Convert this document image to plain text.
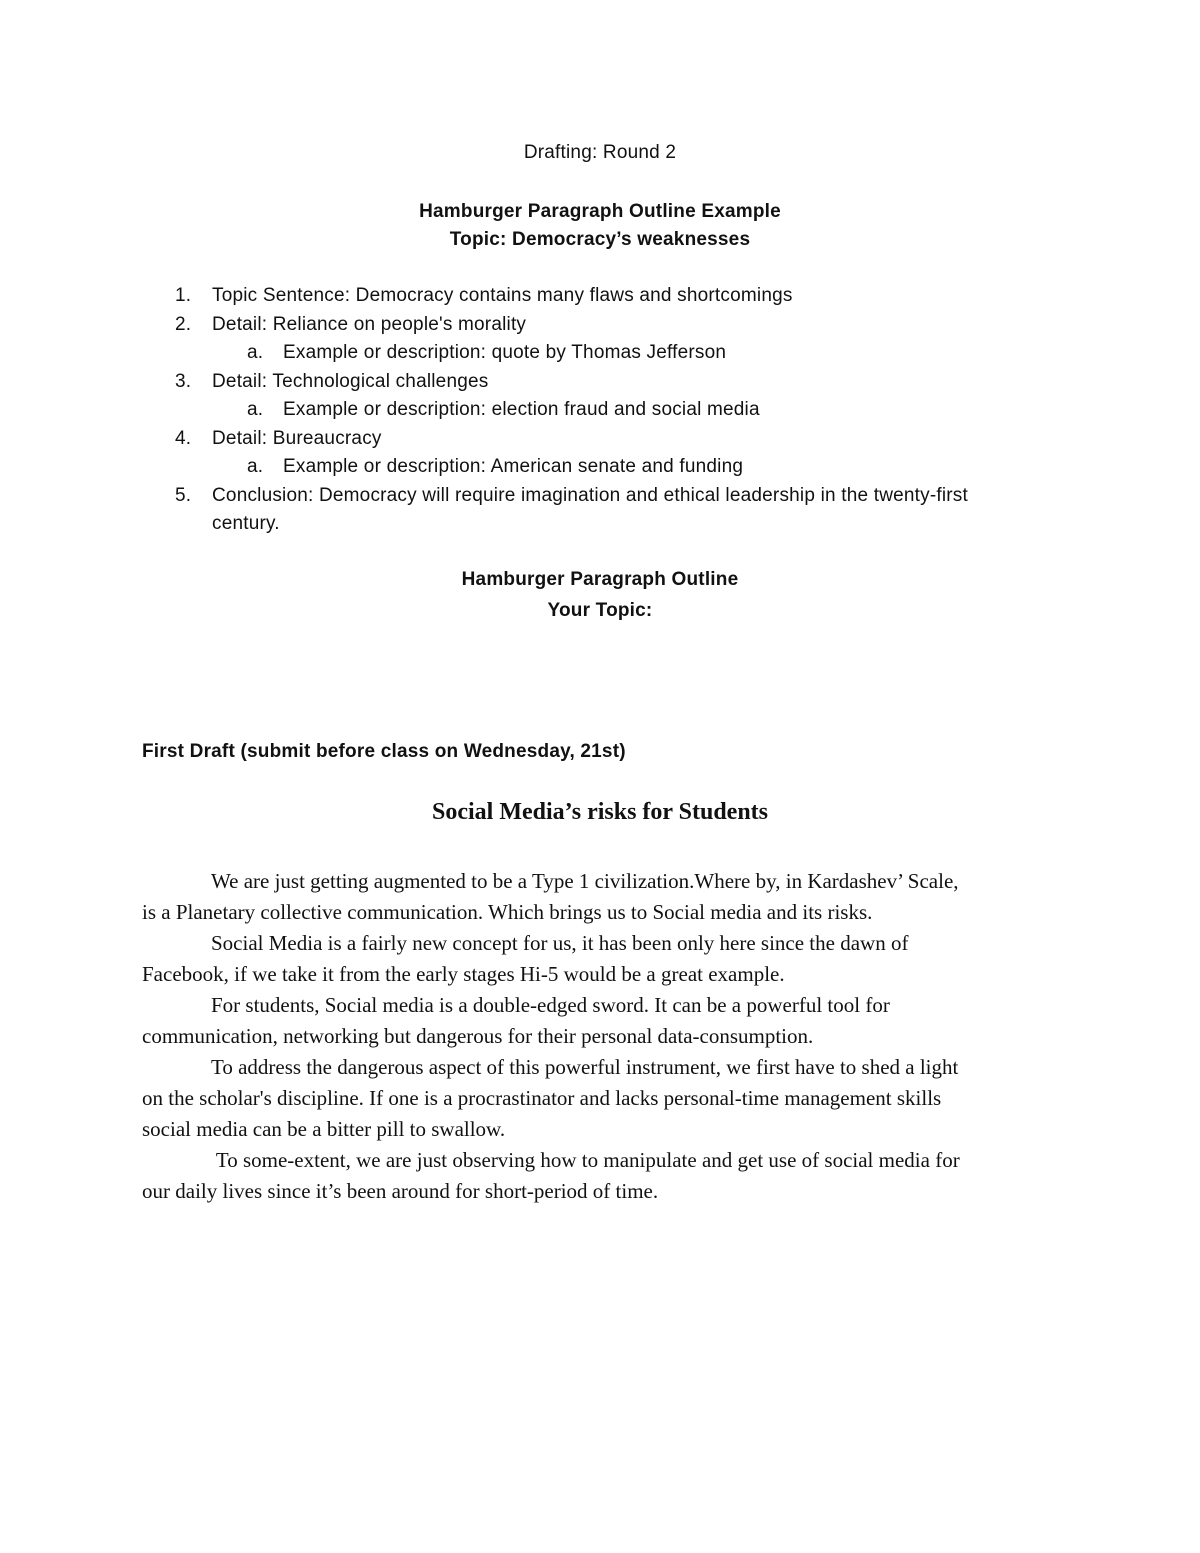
Drafting: Round 2
Hamburger Paragraph Outline Example
Topic: Democracy’s weaknesses
1. Topic Sentence: Democracy contains many flaws and shortcomings
2. Detail: Reliance on people's morality
a. Example or description: quote by Thomas Jefferson
3. Detail: Technological challenges
a. Example or description: election fraud and social media
4. Detail: Bureaucracy
a. Example or description: American senate and funding
5. Conclusion: Democracy will require imagination and ethical leadership in the twenty-first
century.
Hamburger Paragraph Outline
Your Topic:
First Draft (submit before class on Wednesday, 21st)
Social Media’s risks for Students
We are just getting augmented to be a Type 1 civilization.Where by, in Kardashev’ Scale,
is a Planetary collective communication. Which brings us to Social media and its risks.
Social Media is a fairly new concept for us, it has been only here since the dawn of
Facebook, if we take it from the early stages Hi-5 would be a great example.
For students, Social media is a double-edged sword. It can be a powerful tool for
communication, networking but dangerous for their personal data-consumption.
To address the dangerous aspect of this powerful instrument, we first have to shed a light
on the scholar's discipline. If one is a procrastinator and lacks personal-time management skills
social media can be a bitter pill to swallow.
To some-extent, we are just observing how to manipulate and get use of social media for
our daily lives since it’s been around for short-period of time.
